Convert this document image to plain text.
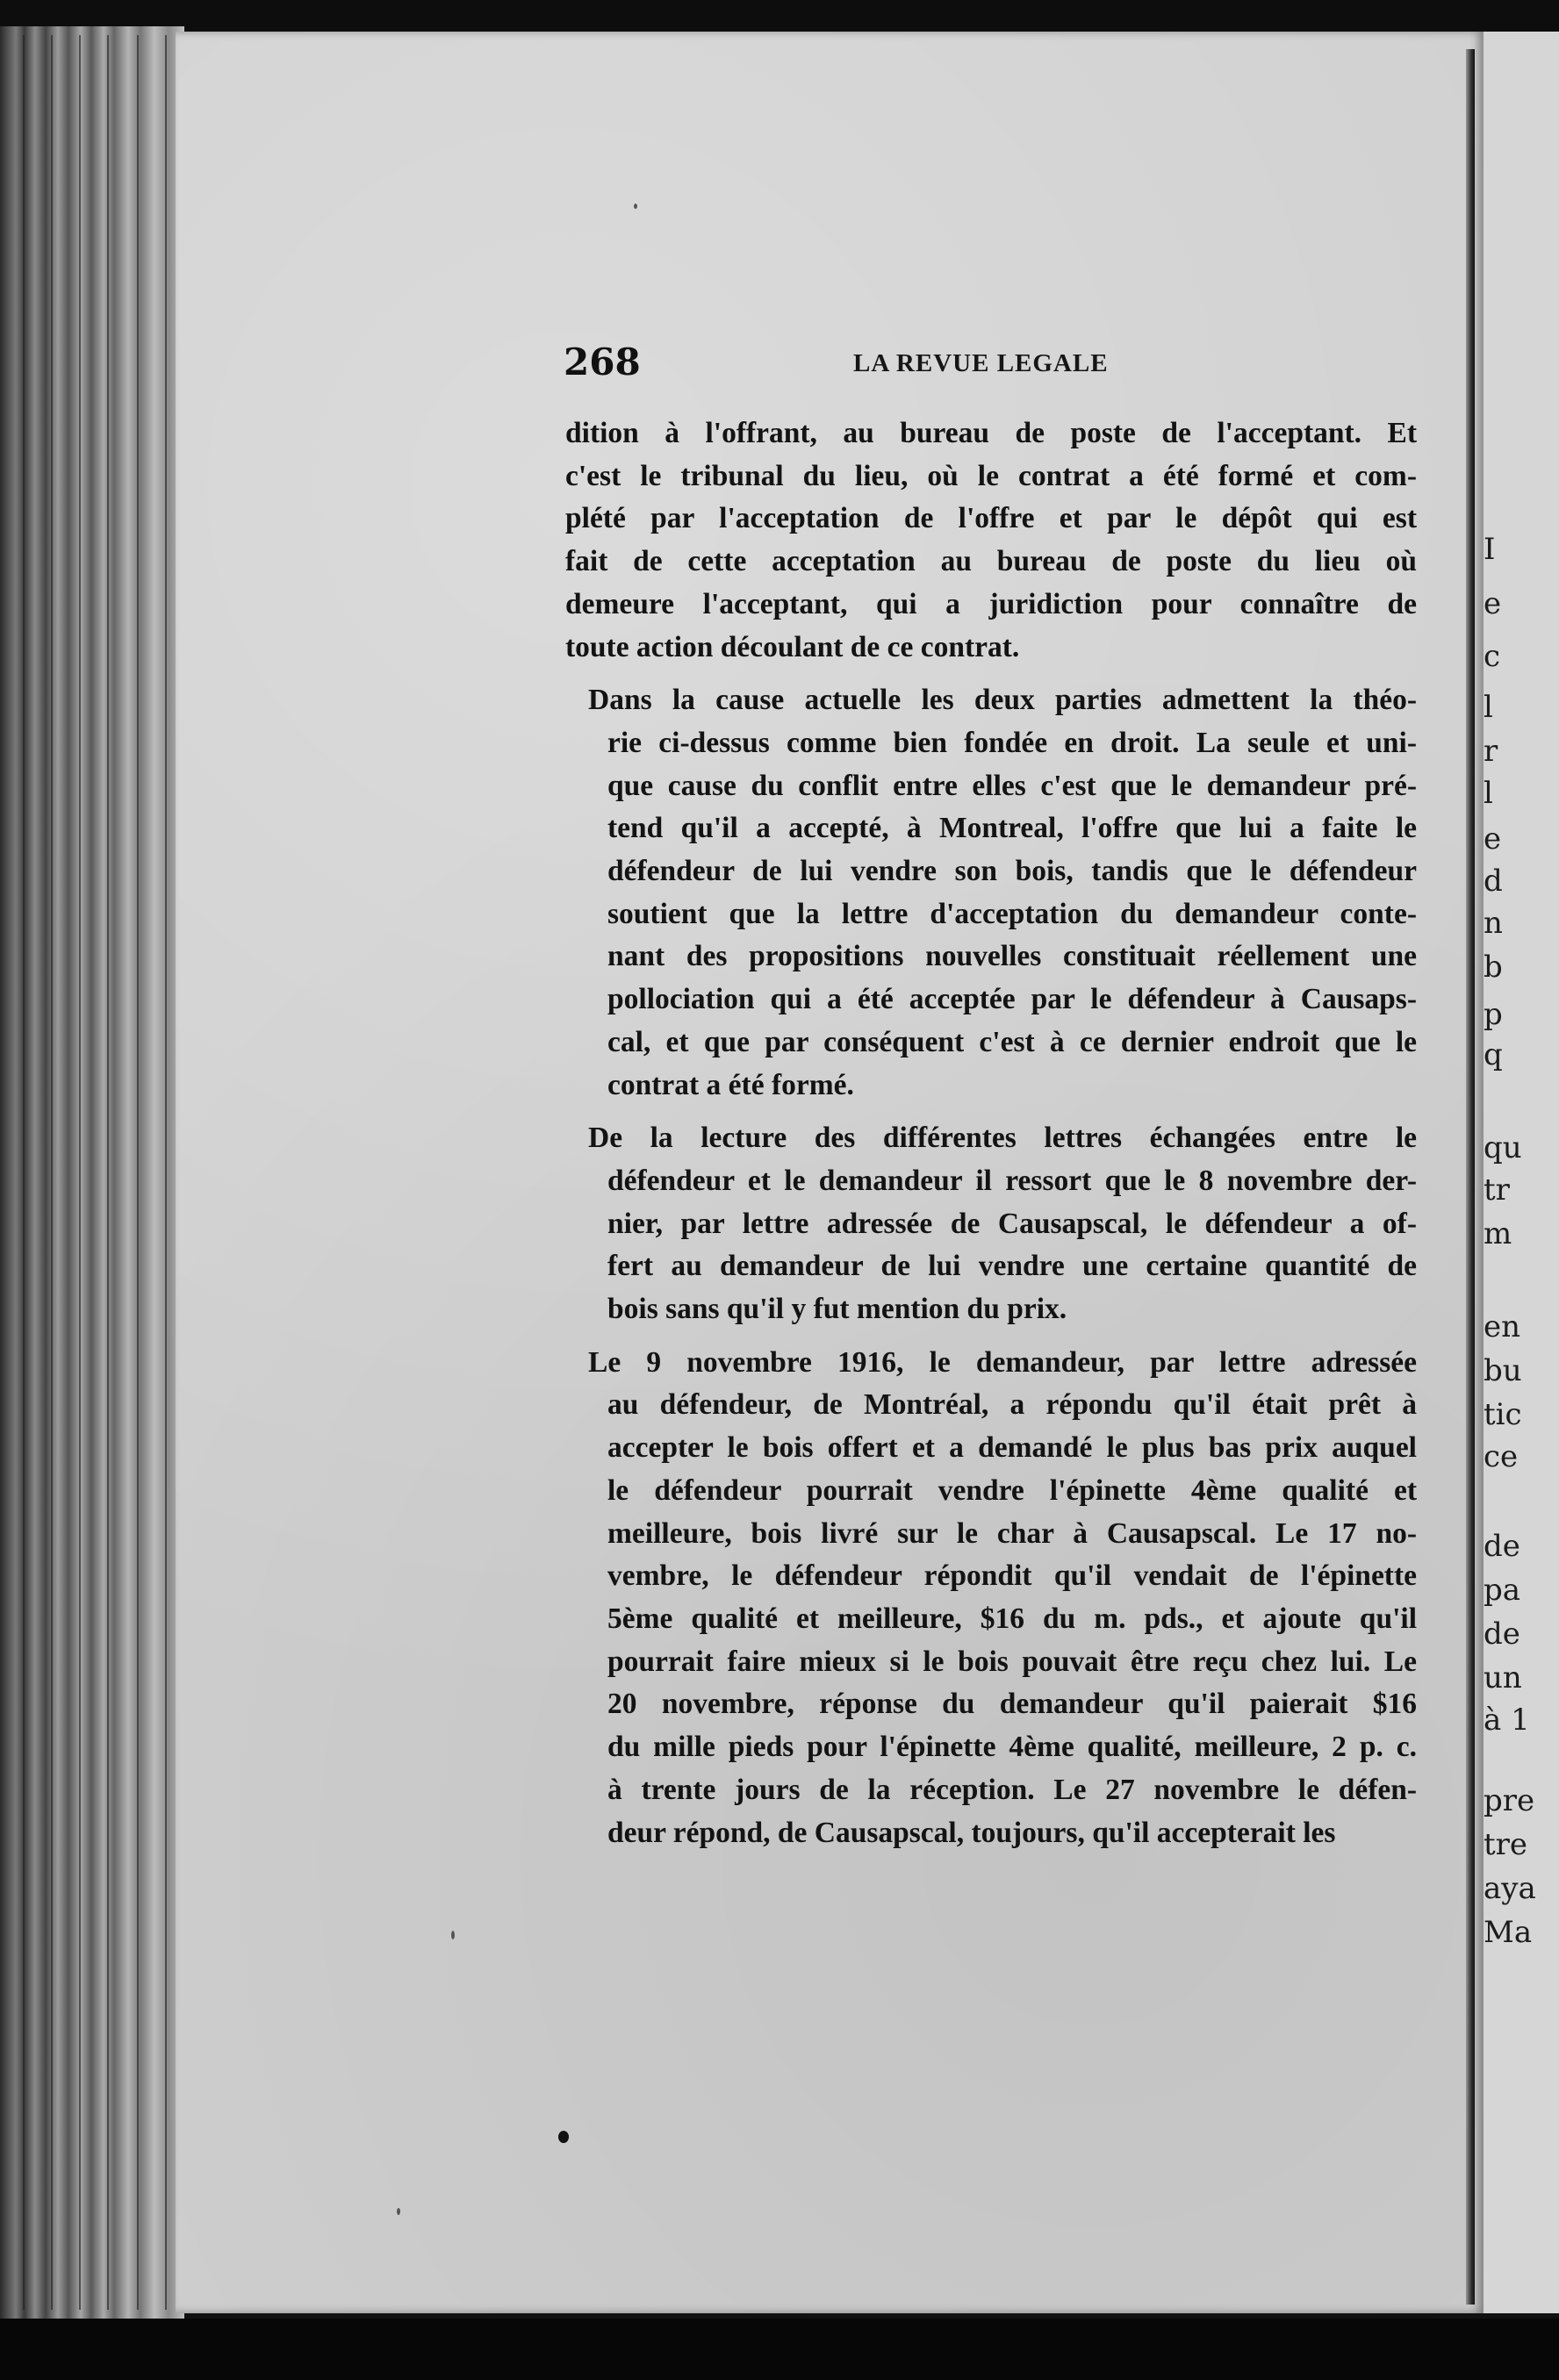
I
e
c
l
r
l
e
d
n
b
p
q
qu
tr
m
en
bu
tic
ce
de
pa
de
un
à 1
pre
tre
aya
Ma
268	LA REVUE LEGALE
dition à l'offrant, au bureau de poste de l'acceptant. Et
c'est le tribunal du lieu, où le contrat a été formé et com-
plété par l'acceptation de l'offre et par le dépôt qui est
fait de cette acceptation au bureau de poste du lieu où
demeure l'acceptant, qui a juridiction pour connaître de
toute action découlant de ce contrat.
Dans la cause actuelle les deux parties admettent la théo-
rie ci-dessus comme bien fondée en droit. La seule et uni-
que cause du conflit entre elles c'est que le demandeur pré-
tend qu'il a accepté, à Montreal, l'offre que lui a faite le
défendeur de lui vendre son bois, tandis que le défendeur
soutient que la lettre d'acceptation du demandeur conte-
nant des propositions nouvelles constituait réellement une
pollociation qui a été acceptée par le défendeur à Causaps-
cal, et que par conséquent c'est à ce dernier endroit que le
contrat a été formé.
De la lecture des différentes lettres échangées entre le
défendeur et le demandeur il ressort que le 8 novembre der-
nier, par lettre adressée de Causapscal, le défendeur a of-
fert au demandeur de lui vendre une certaine quantité de
bois sans qu'il y fut mention du prix.
Le 9 novembre 1916, le demandeur, par lettre adressée
au défendeur, de Montréal, a répondu qu'il était prêt à
accepter le bois offert et a demandé le plus bas prix auquel
le défendeur pourrait vendre l'épinette 4ème qualité et
meilleure, bois livré sur le char à Causapscal. Le 17 no-
vembre, le défendeur répondit qu'il vendait de l'épinette
5ème qualité et meilleure, $16 du m. pds., et ajoute qu'il
pourrait faire mieux si le bois pouvait être reçu chez lui. Le
20 novembre, réponse du demandeur qu'il paierait $16
du mille pieds pour l'épinette 4ème qualité, meilleure, 2 p. c.
à trente jours de la réception. Le 27 novembre le défen-
deur répond, de Causapscal, toujours, qu'il accepterait les
